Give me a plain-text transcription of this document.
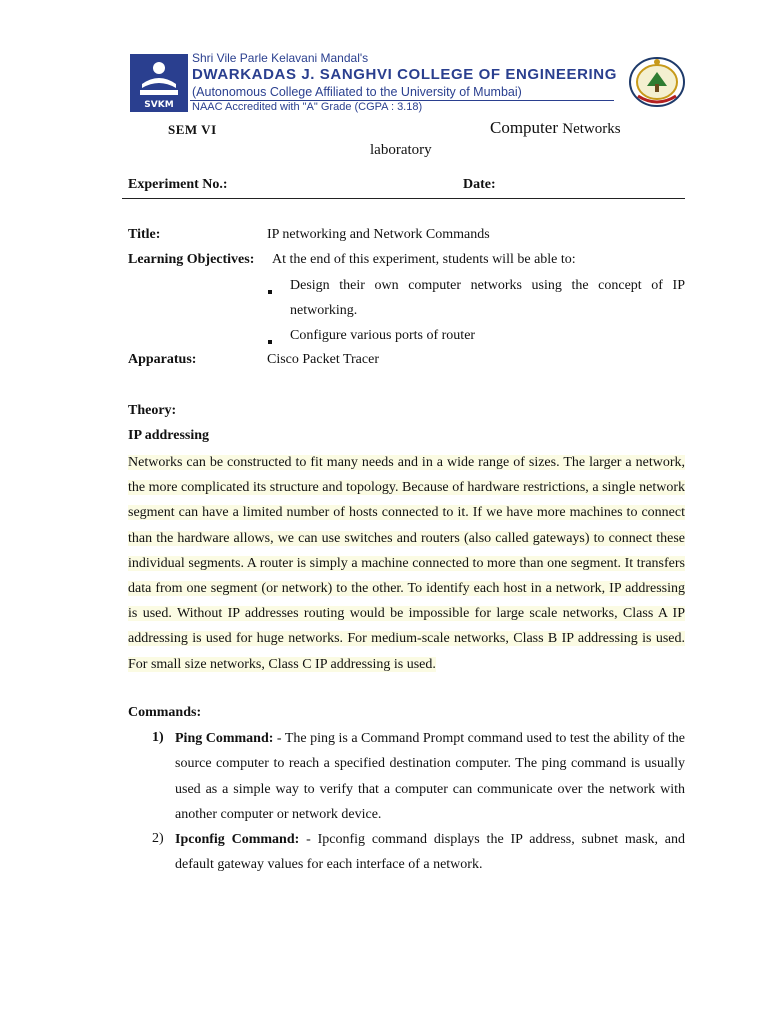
SVKM
Shri Vile Parle Kelavani Mandal's
DWARKADAS J. SANGHVI COLLEGE OF ENGINEERING
(Autonomous College Affiliated to the University of Mumbai)
NAAC Accredited with "A" Grade (CGPA : 3.18)
SEM VI	Computer Networks
laboratory
Experiment No.:	Date:
Title:	IP networking and Network Commands
Learning Objectives: At the end of this experiment, students will be able to:
Design their own computer networks using the concept of IP networking.
Configure various ports of router
Apparatus:	Cisco Packet Tracer
Theory:
IP addressing
Networks can be constructed to fit many needs and in a wide range of sizes. The larger a network, the more complicated its structure and topology. Because of hardware restrictions, a single network segment can have a limited number of hosts connected to it. If we have more machines to connect than the hardware allows, we can use switches and routers (also called gateways) to connect these individual segments. A router is simply a machine connected to more than one segment. It transfers data from one segment (or network) to the other. To identify each host in a network, IP addressing is used. Without IP addresses routing would be impossible for large scale networks, Class A IP addressing is used for huge networks. For medium-scale networks, Class B IP addressing is used. For small size networks, Class C IP addressing is used.
Commands:
1) Ping Command: - The ping is a Command Prompt command used to test the ability of the source computer to reach a specified destination computer. The ping command is usually used as a simple way to verify that a computer can communicate over the network with another computer or network device.
2) Ipconfig Command: - Ipconfig command displays the IP address, subnet mask, and default gateway values for each interface of a network.
